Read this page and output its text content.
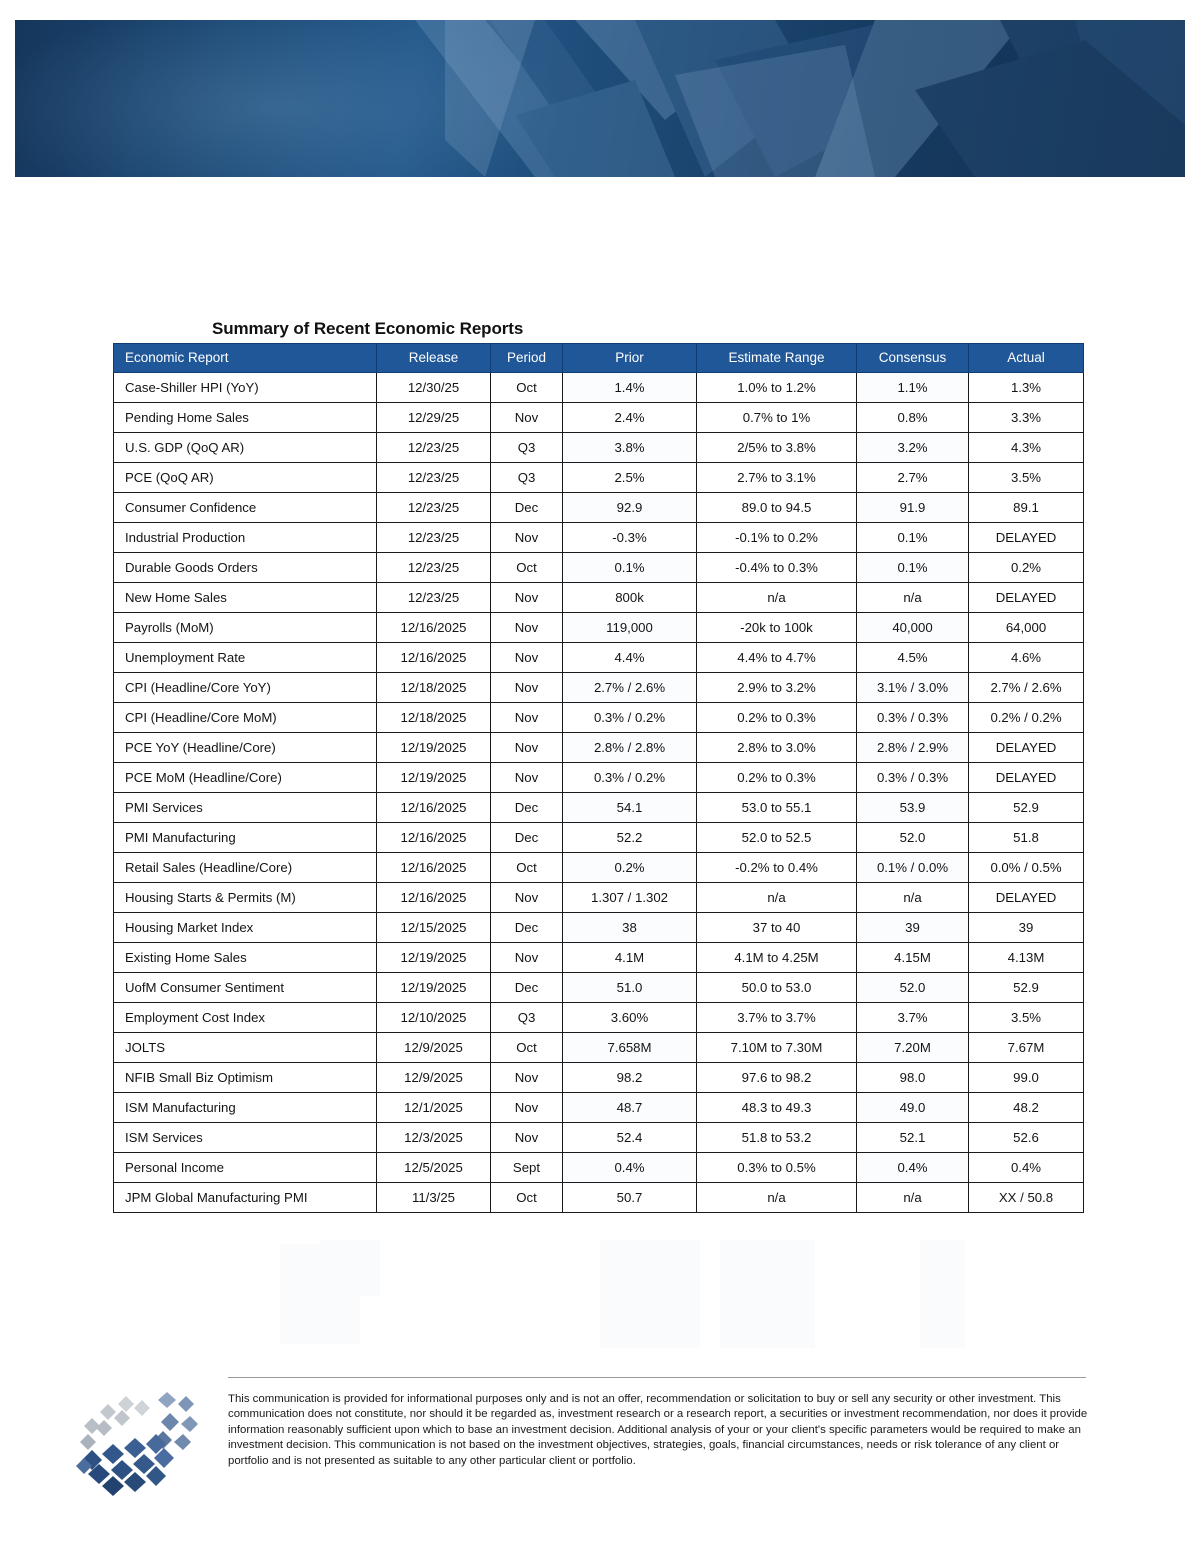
Summary of Recent Economic Reports
Economic Report	Release	Period	Prior	Estimate Range	Consensus	Actual
Case-Shiller HPI (YoY)	12/30/25	Oct	1.4%	1.0% to 1.2%	1.1%	1.3%
Pending Home Sales	12/29/25	Nov	2.4%	0.7% to 1%	0.8%	3.3%
U.S. GDP (QoQ AR)	12/23/25	Q3	3.8%	2/5% to 3.8%	3.2%	4.3%
PCE (QoQ AR)	12/23/25	Q3	2.5%	2.7% to 3.1%	2.7%	3.5%
Consumer Confidence	12/23/25	Dec	92.9	89.0 to 94.5	91.9	89.1
Industrial Production	12/23/25	Nov	-0.3%	-0.1% to 0.2%	0.1%	DELAYED
Durable Goods Orders	12/23/25	Oct	0.1%	-0.4% to 0.3%	0.1%	0.2%
New Home Sales	12/23/25	Nov	800k	n/a	n/a	DELAYED
Payrolls (MoM)	12/16/2025	Nov	119,000	-20k to 100k	40,000	64,000
Unemployment Rate	12/16/2025	Nov	4.4%	4.4% to 4.7%	4.5%	4.6%
CPI (Headline/Core YoY)	12/18/2025	Nov	2.7% / 2.6%	2.9% to 3.2%	3.1% / 3.0%	2.7% / 2.6%
CPI (Headline/Core MoM)	12/18/2025	Nov	0.3% / 0.2%	0.2% to 0.3%	0.3% / 0.3%	0.2% / 0.2%
PCE YoY (Headline/Core)	12/19/2025	Nov	2.8% / 2.8%	2.8% to 3.0%	2.8% / 2.9%	DELAYED
PCE MoM (Headline/Core)	12/19/2025	Nov	0.3% / 0.2%	0.2% to 0.3%	0.3% / 0.3%	DELAYED
PMI Services	12/16/2025	Dec	54.1	53.0 to 55.1	53.9	52.9
PMI Manufacturing	12/16/2025	Dec	52.2	52.0 to 52.5	52.0	51.8
Retail Sales (Headline/Core)	12/16/2025	Oct	0.2%	-0.2% to 0.4%	0.1% / 0.0%	0.0% / 0.5%
Housing Starts & Permits (M)	12/16/2025	Nov	1.307 / 1.302	n/a	n/a	DELAYED
Housing Market Index	12/15/2025	Dec	38	37 to 40	39	39
Existing Home Sales	12/19/2025	Nov	4.1M	4.1M to 4.25M	4.15M	4.13M
UofM Consumer Sentiment	12/19/2025	Dec	51.0	50.0 to 53.0	52.0	52.9
Employment Cost Index	12/10/2025	Q3	3.60%	3.7% to 3.7%	3.7%	3.5%
JOLTS	12/9/2025	Oct	7.658M	7.10M to 7.30M	7.20M	7.67M
NFIB Small Biz Optimism	12/9/2025	Nov	98.2	97.6 to 98.2	98.0	99.0
ISM Manufacturing	12/1/2025	Nov	48.7	48.3 to 49.3	49.0	48.2
ISM Services	12/3/2025	Nov	52.4	51.8 to 53.2	52.1	52.6
Personal Income	12/5/2025	Sept	0.4%	0.3% to 0.5%	0.4%	0.4%
JPM Global Manufacturing PMI	11/3/25	Oct	50.7	n/a	n/a	XX / 50.8
This communication is provided for informational purposes only and is not an offer, recommendation or solicitation to buy or sell any security or other investment. This communication does not constitute, nor should it be regarded as, investment research or a research report, a securities or investment recommendation, nor does it provide information reasonably sufficient upon which to base an investment decision. Additional analysis of your or your client's specific parameters would be required to make an investment decision. This communication is not based on the investment objectives, strategies, goals, financial circumstances, needs or risk tolerance of any client or portfolio and is not presented as suitable to any other particular client or portfolio.
